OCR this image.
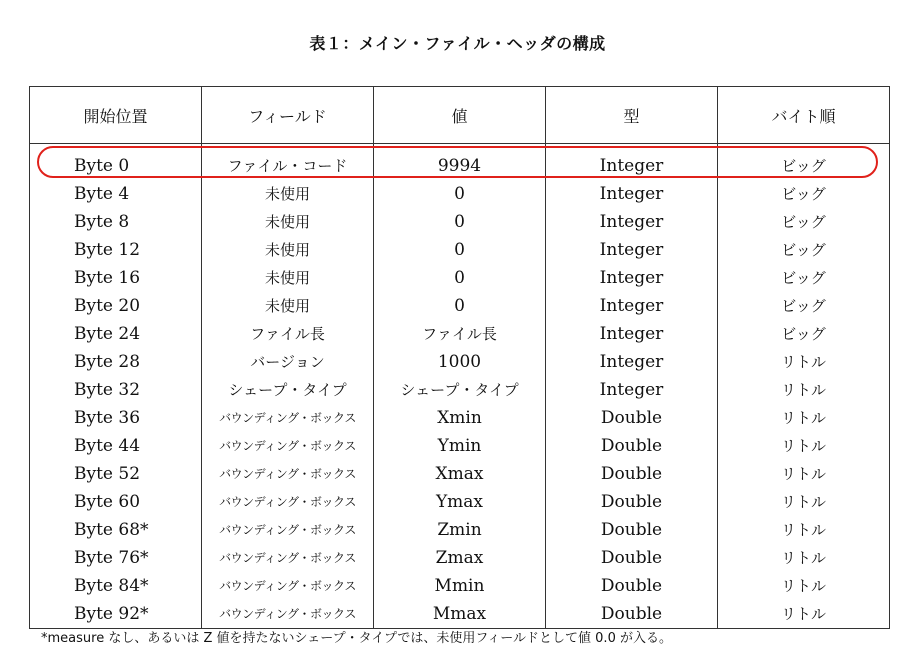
表１：メイン・ファイル・ヘッダの構成
開始位置	フィールド	値	型	バイト順
Byte 0	ファイル・コード	9994	Integer	ビッグ
Byte 4	未使用	0	Integer	ビッグ
Byte 8	未使用	0	Integer	ビッグ
Byte 12	未使用	0	Integer	ビッグ
Byte 16	未使用	0	Integer	ビッグ
Byte 20	未使用	0	Integer	ビッグ
Byte 24	ファイル長	ファイル長	Integer	ビッグ
Byte 28	バージョン	1000	Integer	リトル
Byte 32	シェープ・タイプ	シェープ・タイプ	Integer	リトル
Byte 36	バウンディング・ボックス	Xmin	Double	リトル
Byte 44	バウンディング・ボックス	Ymin	Double	リトル
Byte 52	バウンディング・ボックス	Xmax	Double	リトル
Byte 60	バウンディング・ボックス	Ymax	Double	リトル
Byte 68*	バウンディング・ボックス	Zmin	Double	リトル
Byte 76*	バウンディング・ボックス	Zmax	Double	リトル
Byte 84*	バウンディング・ボックス	Mmin	Double	リトル
Byte 92*	バウンディング・ボックス	Mmax	Double	リトル
*measure なし、あるいは Z 値を持たないシェープ・タイプでは、未使用フィールドとして値 0.0 が入る。
